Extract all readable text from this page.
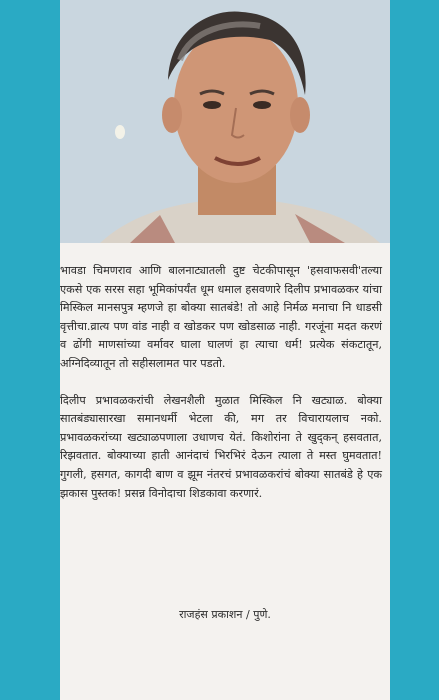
भावडा चिमणराव आणि बालनाट्यातली दुष्ट चेटकीपासून 'हसवाफसवी'तल्या एकसे एक सरस सहा भूमिकांपर्यंत धूम धमाल हसवणारे दिलीप प्रभावळकर यांचा मिस्किल मानसपुत्र म्हणजे हा बोक्या सातबंडे! तो आहे निर्मळ मनाचा नि धाडसी वृत्तीचा.व्रात्य पण वांड नाही व खोडकर पण खोडसाळ नाही. गरजूंना मदत करणं व ढोंगी माणसांच्या वर्मावर घाला घालणं हा त्याचा धर्म! प्रत्येक संकटातून, अग्निदिव्यातून तो सहीसलामत पार पडतो.

दिलीप प्रभावळकरांची लेखनशैली मुळात मिस्किल नि खट्याळ. बोक्या सातबंड्यासारखा समानधर्मी भेटला की, मग तर विचारायलाच नको. प्रभावळकरांच्या खट्याळपणाला उधाणच येतं. किशोरांना ते खुद्कन् हसवतात, रिझवतात. बोक्याच्या हाती आनंदाचं भिरभिरं देऊन त्याला ते मस्त घुमवतात! गुगली, हसगत, कागदी बाण व झूम नंतरचं प्रभावळकरांचं बोक्या सातबंडे हे एक झकास पुस्तक! प्रसन्न विनोदाचा शिडकावा करणारं.

राजहंस प्रकाशन / पुणे.
